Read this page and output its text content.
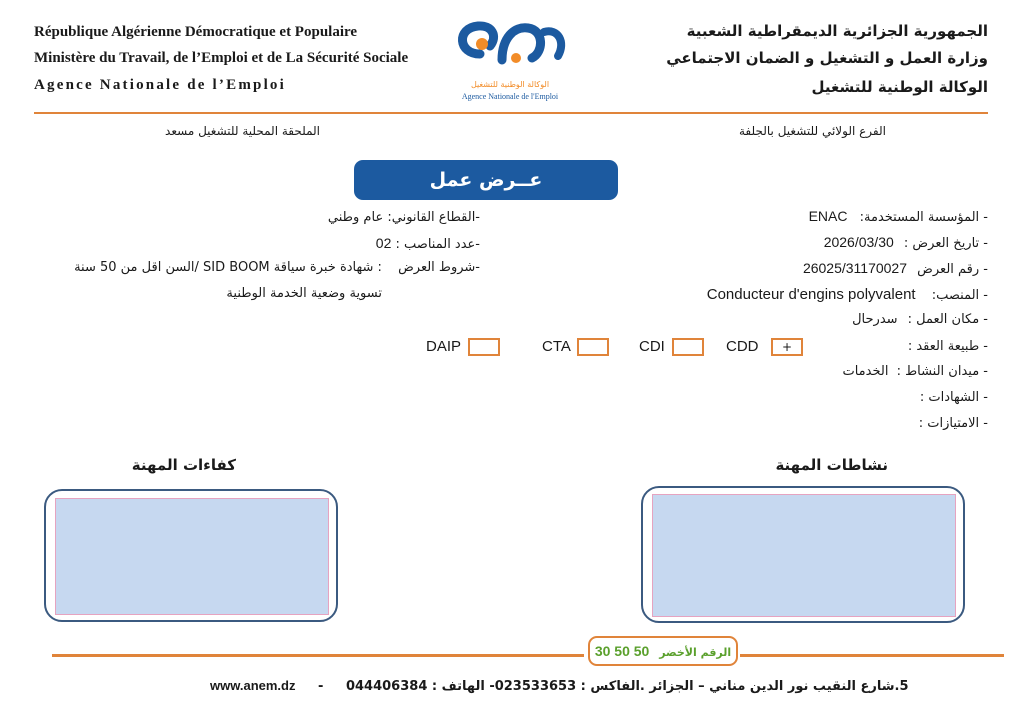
République Algérienne Démocratique et Populaire
Ministère du Travail, de l’Emploi et de La Sécurité Sociale
Agence Nationale de l’Emploi	الوكالة الوطنية للتشغيل
Agence Nationale de l'Emploi
الجمهورية الجزائرية الديمقراطية الشعبية
وزارة العمل و التشغيل و الضمان الاجتماعي
الوكالة الوطنية للتشغيل
الملحقة المحلية للتشغيل مسعد	الفرع الولائي للتشغيل بالجلفة
عــرض عمل
- المؤسسة المستخدمة: ENAC
- تاريخ العرض : 2026/03/30
- رقم العرض 26025/31170027
- المنصب: Conducteur d'engins polyvalent
- مكان العمل : سدرحال
- طبيعة العقد :
CDD	+
CDI
CTA
DAIP
- ميدان النشاط : الخدمات
- الشهادات :
- الامتيازات :
-القطاع القانوني: عام وطني
-عدد المناصب : 02
-شروط العرض : شهادة خبرة سياقة SID BOOM /السن اقل من 50 سنة
تسوية وضعية الخدمة الوطنية
نشاطات المهنة
كفاءات المهنة
الرقم الأخضر 50 50 30
www.anem.dz - 5.شارع النقيب نور الدين مناني – الجزائر .الفاكس : 023533653- الهاتف : 044406384
